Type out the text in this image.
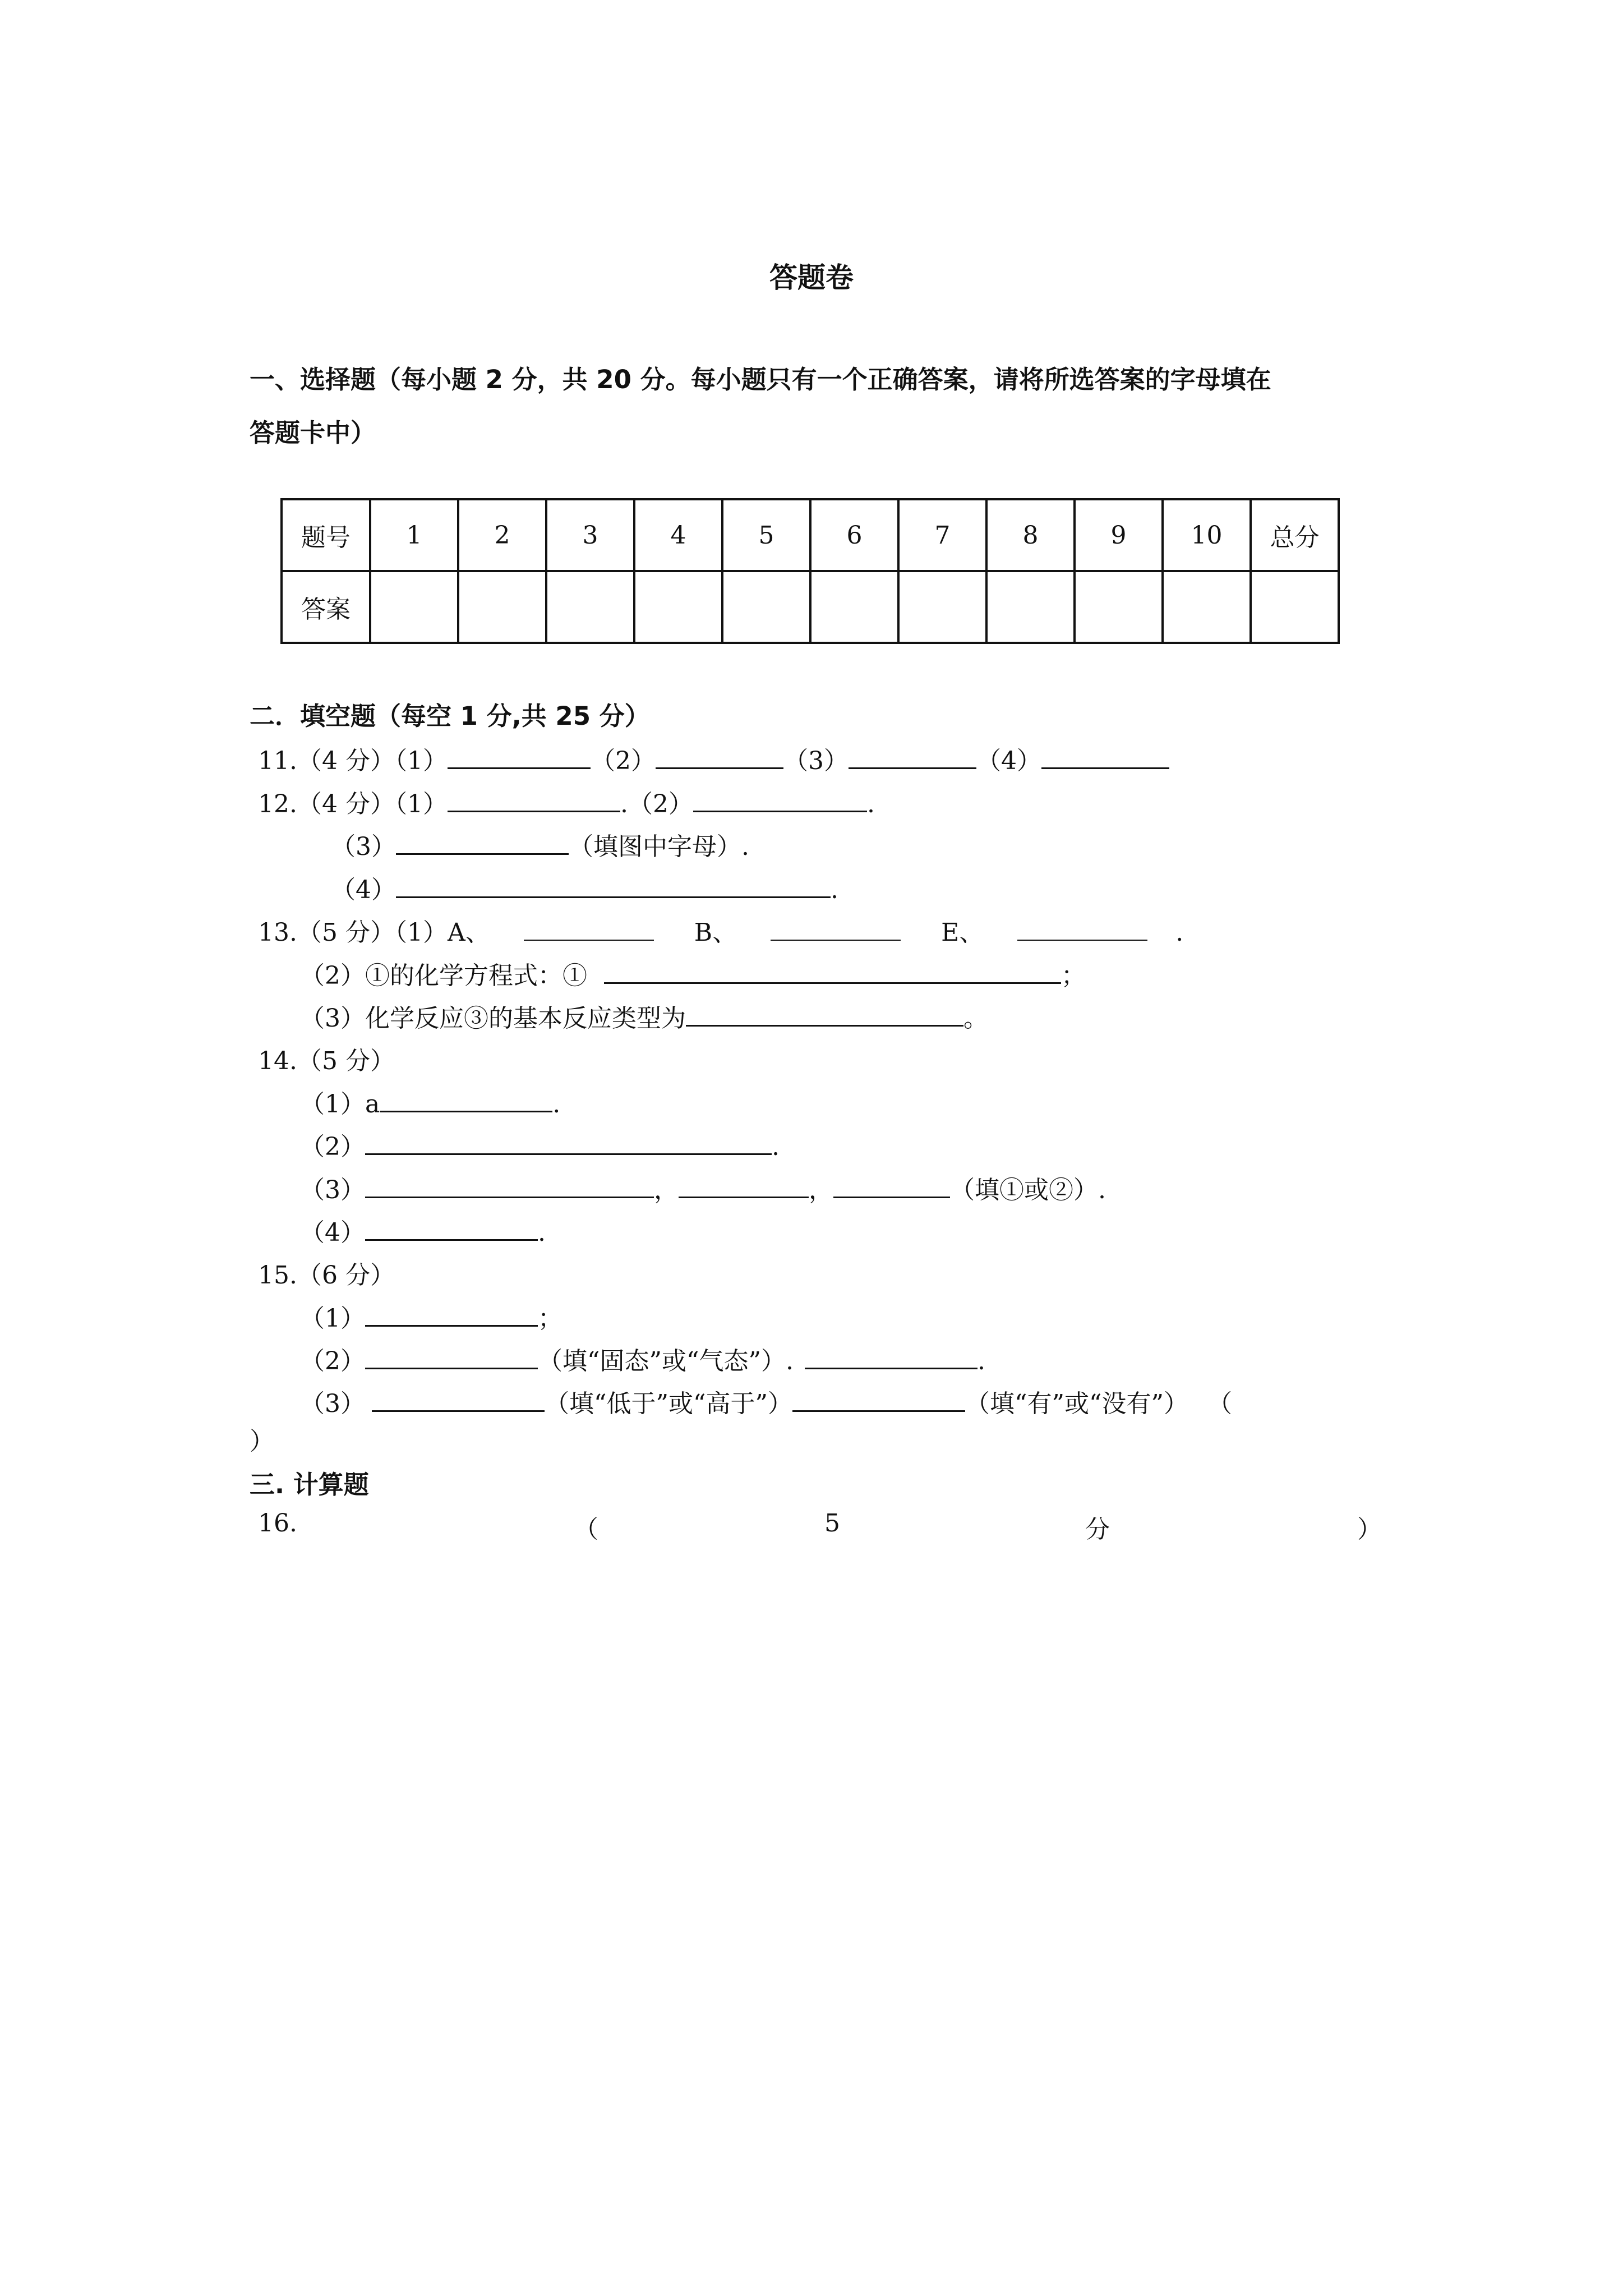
答题卷
一、选择题（每小题 2 分，共 20 分。每小题只有一个正确答案，请将所选答案的字母填在
答题卡中）
题号	1	2	3	4	5	6	7	8	9	10	总分
答案											
二．填空题（每空 1 分,共 25 分）
11.（4 分）（1）	（2）	（3）	（4）
12.（4 分）（1）	.（2）	.
（3）	（填图中字母）.
（4）	.
13.（5 分）（1）A、	B、	E、	.
（2）①的化学方程式：①	；
（3）化学反应③的基本反应类型为	。
14.（5 分）
（1）a	.
（2）	.
（3）	，	，	（填①或②）.
（4）	.
15.（6 分）
（1）	；
（2）	（填“固态”或“气态”）.	.
（3）	（填“低于”或“高于”）	（填“有”或“没有”） （
）
三. 计算题
16.	（	5	分	）
